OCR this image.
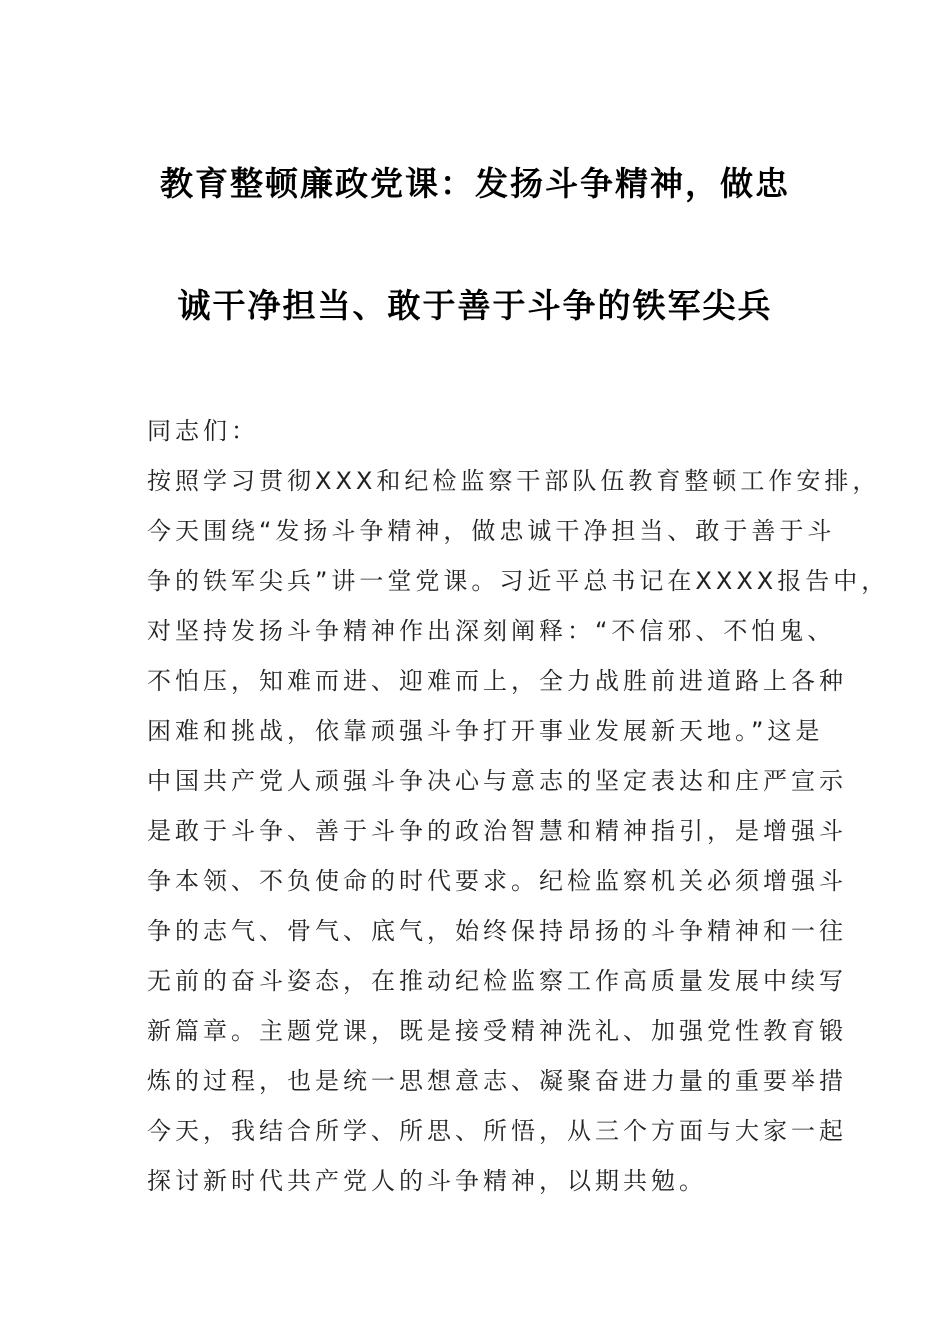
教育整顿廉政党课：发扬斗争精神，做忠
诚干净担当、敢于善于斗争的铁军尖兵
同志们：
按照学习贯彻XXX和纪检监察干部队伍教育整顿工作安排，
今天围绕“发扬斗争精神，做忠诚干净担当、敢于善于斗
争的铁军尖兵”讲一堂党课。习近平总书记在XXXX报告中，
对坚持发扬斗争精神作出深刻阐释：“不信邪、不怕鬼、
不怕压，知难而进、迎难而上，全力战胜前进道路上各种
困难和挑战，依靠顽强斗争打开事业发展新天地。”这是
中国共产党人顽强斗争决心与意志的坚定表达和庄严宣示
是敢于斗争、善于斗争的政治智慧和精神指引，是增强斗
争本领、不负使命的时代要求。纪检监察机关必须增强斗
争的志气、骨气、底气，始终保持昂扬的斗争精神和一往
无前的奋斗姿态，在推动纪检监察工作高质量发展中续写
新篇章。主题党课，既是接受精神洗礼、加强党性教育锻
炼的过程，也是统一思想意志、凝聚奋进力量的重要举措
今天，我结合所学、所思、所悟，从三个方面与大家一起
探讨新时代共产党人的斗争精神，以期共勉。
